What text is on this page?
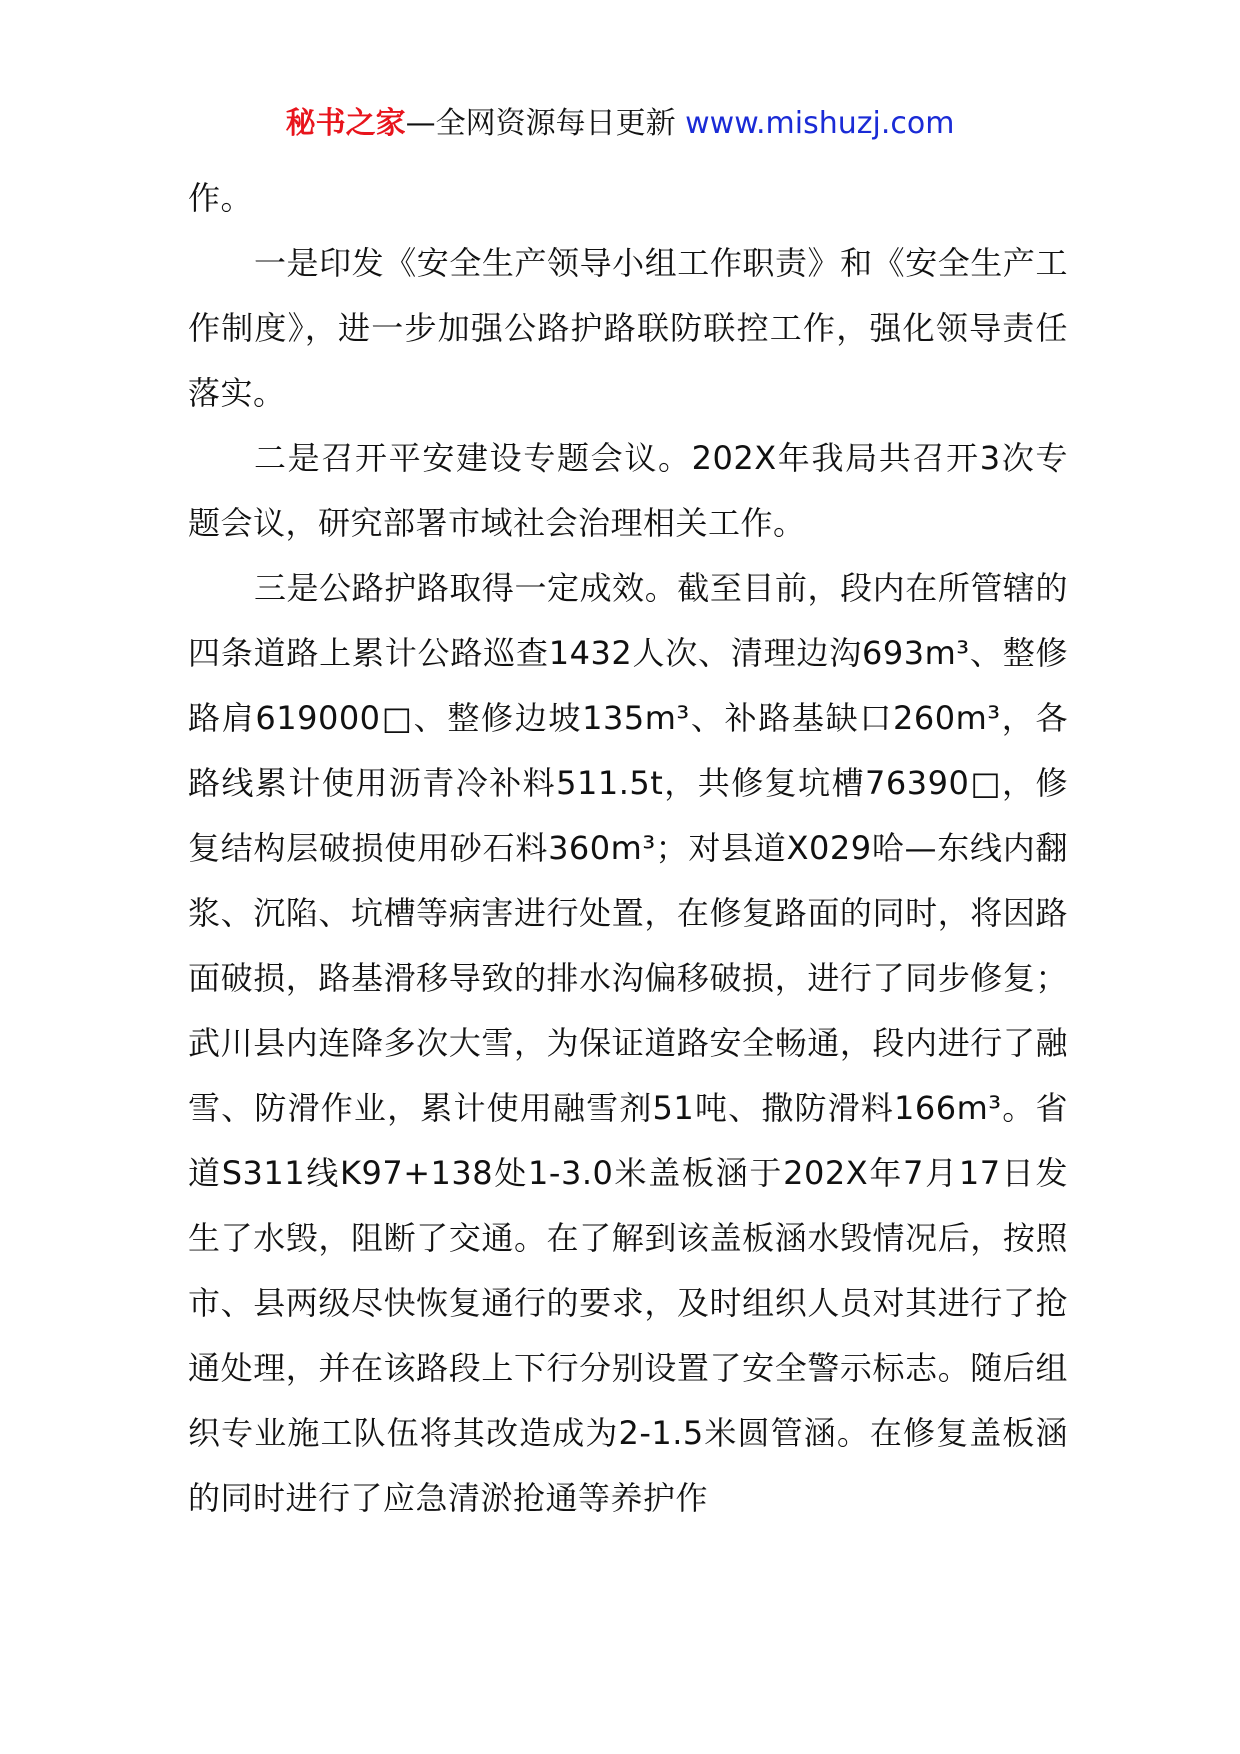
秘书之家—全网资源每日更新 www.mishuzj.com

作。

一是印发《安全生产领导小组工作职责》和《安全生产工作制度》，进一步加强公路护路联防联控工作，强化领导责任落实。

二是召开平安建设专题会议。202X年我局共召开3次专题会议，研究部署市域社会治理相关工作。

三是公路护路取得一定成效。截至目前，段内在所管辖的四条道路上累计公路巡查1432人次、清理边沟693m³、整修路肩619000□、整修边坡135m³、补路基缺口260m³，各路线累计使用沥青冷补料511.5t，共修复坑槽76390□，修复结构层破损使用砂石料360m³；对县道X029哈—东线内翻浆、沉陷、坑槽等病害进行处置，在修复路面的同时，将因路面破损，路基滑移导致的排水沟偏移破损，进行了同步修复；武川县内连降多次大雪，为保证道路安全畅通，段内进行了融雪、防滑作业，累计使用融雪剂51吨、撒防滑料166m³。省道S311线K97+138处1-3.0米盖板涵于202X年7月17日发生了水毁，阻断了交通。在了解到该盖板涵水毁情况后，按照市、县两级尽快恢复通行的要求，及时组织人员对其进行了抢通处理，并在该路段上下行分别设置了安全警示标志。随后组织专业施工队伍将其改造成为2-1.5米圆管涵。在修复盖板涵的同时进行了应急清淤抢通等养护作
